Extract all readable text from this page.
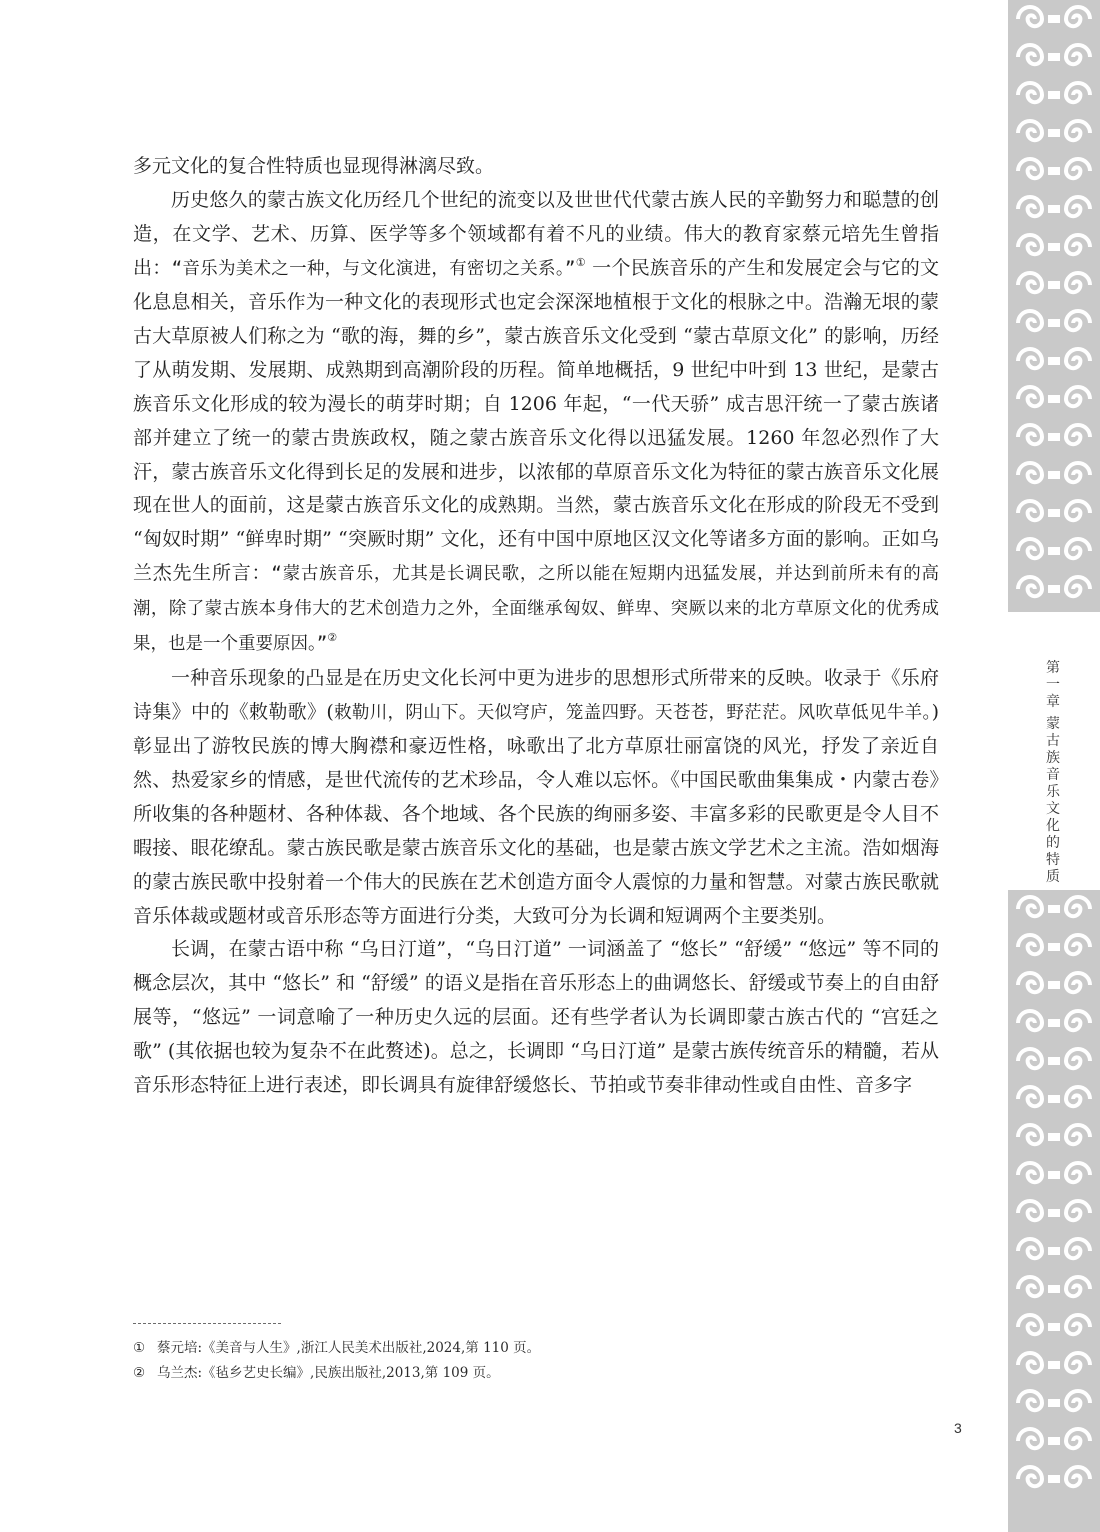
第一章
蒙古族音乐文化的特质

多元文化的复合性特质也显现得淋漓尽致。

历史悠久的蒙古族文化历经几个世纪的流变以及世世代代蒙古族人民的辛勤努力和聪慧的创造，在文学、艺术、历算、医学等多个领域都有着不凡的业绩。伟大的教育家蔡元培先生曾指出：“音乐为美术之一种，与文化演进，有密切之关系。”① 一个民族音乐的产生和发展定会与它的文化息息相关，音乐作为一种文化的表现形式也定会深深地植根于文化的根脉之中。浩瀚无垠的蒙古大草原被人们称之为 “歌的海，舞的乡”，蒙古族音乐文化受到 “蒙古草原文化” 的影响，历经了从萌发期、发展期、成熟期到高潮阶段的历程。简单地概括，9 世纪中叶到 13 世纪，是蒙古族音乐文化形成的较为漫长的萌芽时期；自 1206 年起，“一代天骄” 成吉思汗统一了蒙古族诸部并建立了统一的蒙古贵族政权，随之蒙古族音乐文化得以迅猛发展。1260 年忽必烈作了大汗，蒙古族音乐文化得到长足的发展和进步，以浓郁的草原音乐文化为特征的蒙古族音乐文化展现在世人的面前，这是蒙古族音乐文化的成熟期。当然，蒙古族音乐文化在形成的阶段无不受到 “匈奴时期” “鲜卑时期” “突厥时期” 文化，还有中国中原地区汉文化等诸多方面的影响。正如乌兰杰先生所言：“蒙古族音乐，尤其是长调民歌，之所以能在短期内迅猛发展，并达到前所未有的高潮，除了蒙古族本身伟大的艺术创造力之外，全面继承匈奴、鲜卑、突厥以来的北方草原文化的优秀成果，也是一个重要原因。”②

一种音乐现象的凸显是在历史文化长河中更为进步的思想形式所带来的反映。收录于《乐府诗集》中的《敕勒歌》(敕勒川，阴山下。天似穹庐，笼盖四野。天苍苍，野茫茫。风吹草低见牛羊。)彰显出了游牧民族的博大胸襟和豪迈性格，咏歌出了北方草原壮丽富饶的风光，抒发了亲近自然、热爱家乡的情感，是世代流传的艺术珍品，令人难以忘怀。《中国民歌曲集集成・内蒙古卷》所收集的各种题材、各种体裁、各个地域、各个民族的绚丽多姿、丰富多彩的民歌更是令人目不暇接、眼花缭乱。蒙古族民歌是蒙古族音乐文化的基础，也是蒙古族文学艺术之主流。浩如烟海的蒙古族民歌中投射着一个伟大的民族在艺术创造方面令人震惊的力量和智慧。对蒙古族民歌就音乐体裁或题材或音乐形态等方面进行分类，大致可分为长调和短调两个主要类别。

长调，在蒙古语中称 “乌日汀道”，“乌日汀道” 一词涵盖了 “悠长” “舒缓” “悠远” 等不同的概念层次，其中 “悠长” 和 “舒缓” 的语义是指在音乐形态上的曲调悠长、舒缓或节奏上的自由舒展等，“悠远” 一词意喻了一种历史久远的层面。还有些学者认为长调即蒙古族古代的 “宫廷之歌” (其依据也较为复杂不在此赘述)。总之，长调即 “乌日汀道” 是蒙古族传统音乐的精髓，若从音乐形态特征上进行表述，即长调具有旋律舒缓悠长、节拍或节奏非律动性或自由性、音多字

① 蔡元培:《美音与人生》,浙江人民美术出版社,2024,第 110 页。
② 乌兰杰:《毡乡艺史长编》,民族出版社,2013,第 109 页。
3
